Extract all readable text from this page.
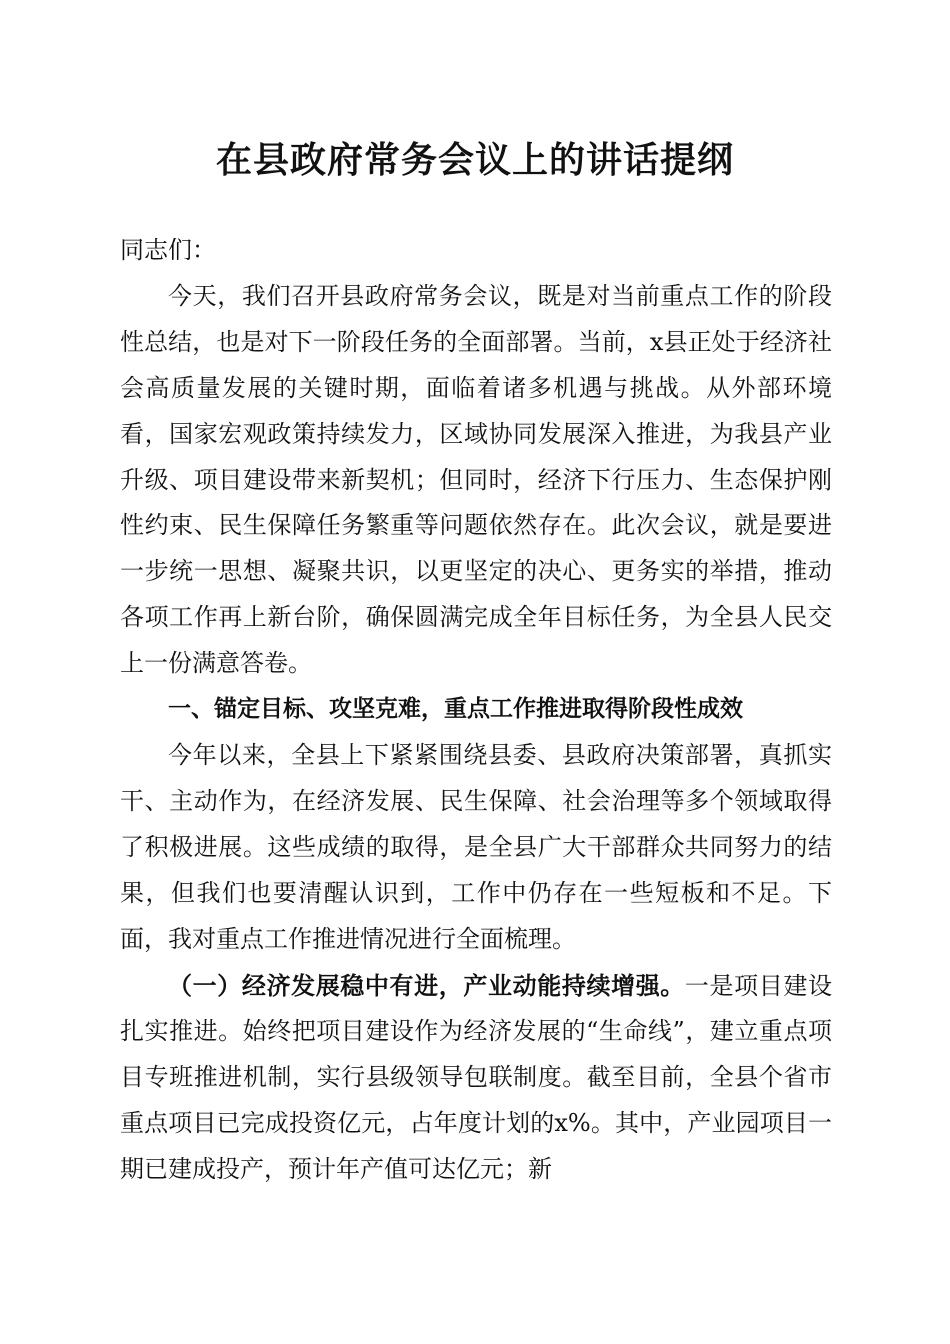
在县政府常务会议上的讲话提纲

同志们：

今天，我们召开县政府常务会议，既是对当前重点工作的阶段性总结，也是对下一阶段任务的全面部署。当前，x县正处于经济社会高质量发展的关键时期，面临着诸多机遇与挑战。从外部环境看，国家宏观政策持续发力，区域协同发展深入推进，为我县产业升级、项目建设带来新契机；但同时，经济下行压力、生态保护刚性约束、民生保障任务繁重等问题依然存在。此次会议，就是要进一步统一思想、凝聚共识，以更坚定的决心、更务实的举措，推动各项工作再上新台阶，确保圆满完成全年目标任务，为全县人民交上一份满意答卷。

一、锚定目标、攻坚克难，重点工作推进取得阶段性成效

今年以来，全县上下紧紧围绕县委、县政府决策部署，真抓实干、主动作为，在经济发展、民生保障、社会治理等多个领域取得了积极进展。这些成绩的取得，是全县广大干部群众共同努力的结果，但我们也要清醒认识到，工作中仍存在一些短板和不足。下面，我对重点工作推进情况进行全面梳理。

（一）经济发展稳中有进，产业动能持续增强。一是项目建设扎实推进。始终把项目建设作为经济发展的“生命线”，建立重点项目专班推进机制，实行县级领导包联制度。截至目前，全县个省市重点项目已完成投资亿元，占年度计划的x%。其中，产业园项目一期已建成投产，预计年产值可达亿元；新
